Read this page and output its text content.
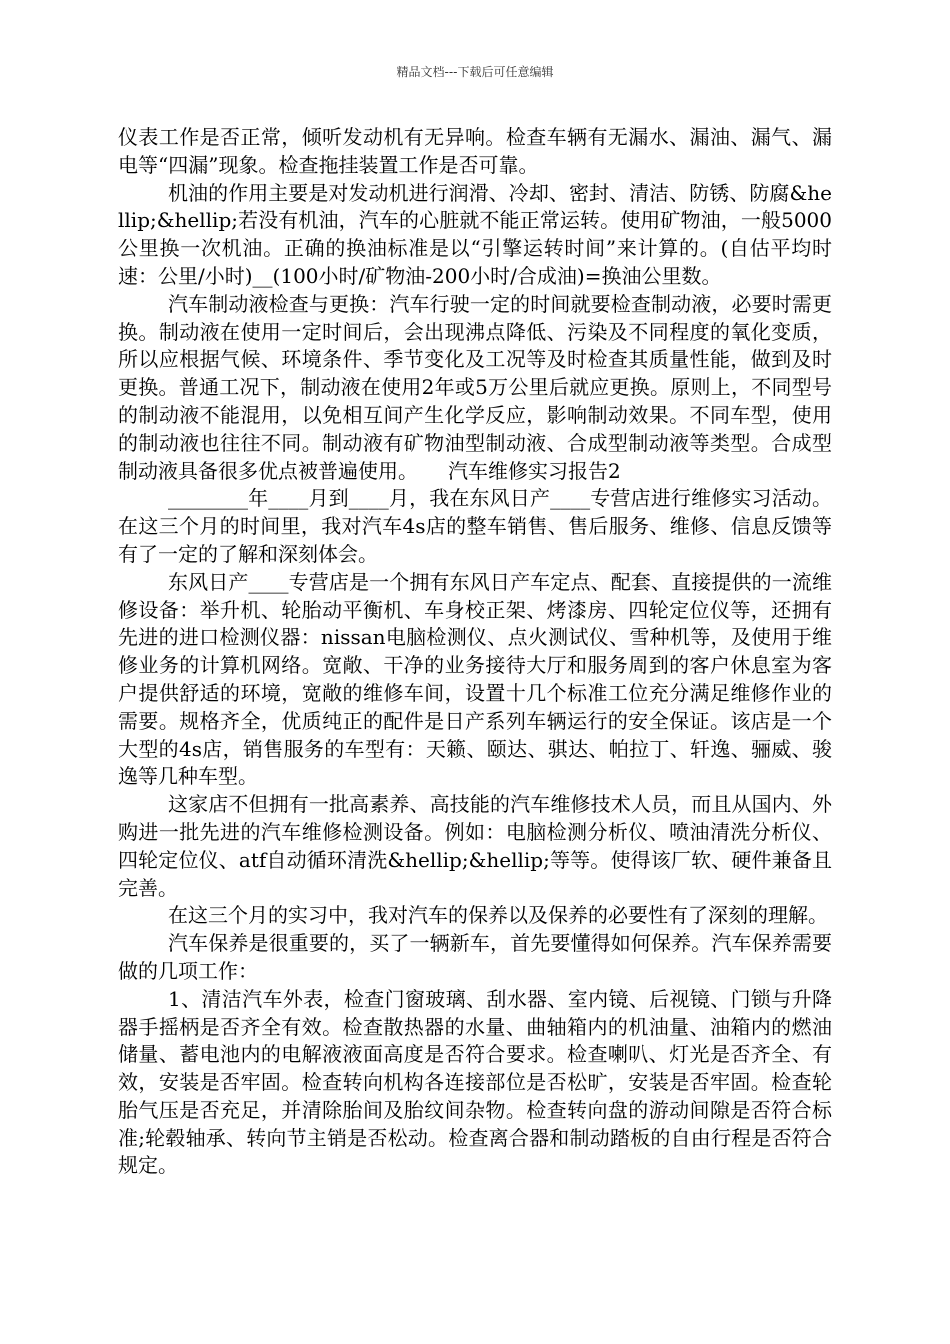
精品文档---下载后可任意编辑

仪表工作是否正常，倾听发动机有无异响。检查车辆有无漏水、漏油、漏气、漏电等“四漏”现象。检查拖挂装置工作是否可靠。

机油的作用主要是对发动机进行润滑、冷却、密封、清洁、防锈、防腐&hellip;&hellip;若没有机油，汽车的心脏就不能正常运转。使用矿物油，一般5000公里换一次机油。正确的换油标准是以“引擎运转时间”来计算的。(自估平均时速：公里/小时)__(100小时/矿物油-200小时/合成油)=换油公里数。

汽车制动液检查与更换：汽车行驶一定的时间就要检查制动液，必要时需更换。制动液在使用一定时间后，会出现沸点降低、污染及不同程度的氧化变质，所以应根据气候、环境条件、季节变化及工况等及时检查其质量性能，做到及时更换。普通工况下，制动液在使用2年或5万公里后就应更换。原则上，不同型号的制动液不能混用，以免相互间产生化学反应，影响制动效果。不同车型，使用的制动液也往往不同。制动液有矿物油型制动液、合成型制动液等类型。合成型制动液具备很多优点被普遍使用。　　汽车维修实习报告2

________年____月到____月，我在东风日产____专营店进行维修实习活动。在这三个月的时间里，我对汽车4s店的整车销售、售后服务、维修、信息反馈等有了一定的了解和深刻体会。

东风日产____专营店是一个拥有东风日产车定点、配套、直接提供的一流维修设备：举升机、轮胎动平衡机、车身校正架、烤漆房、四轮定位仪等，还拥有先进的进口检测仪器：nissan电脑检测仪、点火测试仪、雪种机等，及使用于维修业务的计算机网络。宽敞、干净的业务接待大厅和服务周到的客户休息室为客户提供舒适的环境，宽敞的维修车间，设置十几个标准工位充分满足维修作业的需要。规格齐全，优质纯正的配件是日产系列车辆运行的安全保证。该店是一个大型的4s店，销售服务的车型有：天籁、颐达、骐达、帕拉丁、轩逸、骊威、骏逸等几种车型。

这家店不但拥有一批高素养、高技能的汽车维修技术人员，而且从国内、外购进一批先进的汽车维修检测设备。例如：电脑检测分析仪、喷油清洗分析仪、四轮定位仪、atf自动循环清洗&hellip;&hellip;等等。使得该厂软、硬件兼备且完善。

在这三个月的实习中，我对汽车的保养以及保养的必要性有了深刻的理解。

汽车保养是很重要的，买了一辆新车，首先要懂得如何保养。汽车保养需要做的几项工作：

1、清洁汽车外表，检查门窗玻璃、刮水器、室内镜、后视镜、门锁与升降器手摇柄是否齐全有效。检查散热器的水量、曲轴箱内的机油量、油箱内的燃油储量、蓄电池内的电解液液面高度是否符合要求。检查喇叭、灯光是否齐全、有效，安装是否牢固。检查转向机构各连接部位是否松旷，安装是否牢固。检查轮胎气压是否充足，并清除胎间及胎纹间杂物。检查转向盘的游动间隙是否符合标准;轮毂轴承、转向节主销是否松动。检查离合器和制动踏板的自由行程是否符合规定。
